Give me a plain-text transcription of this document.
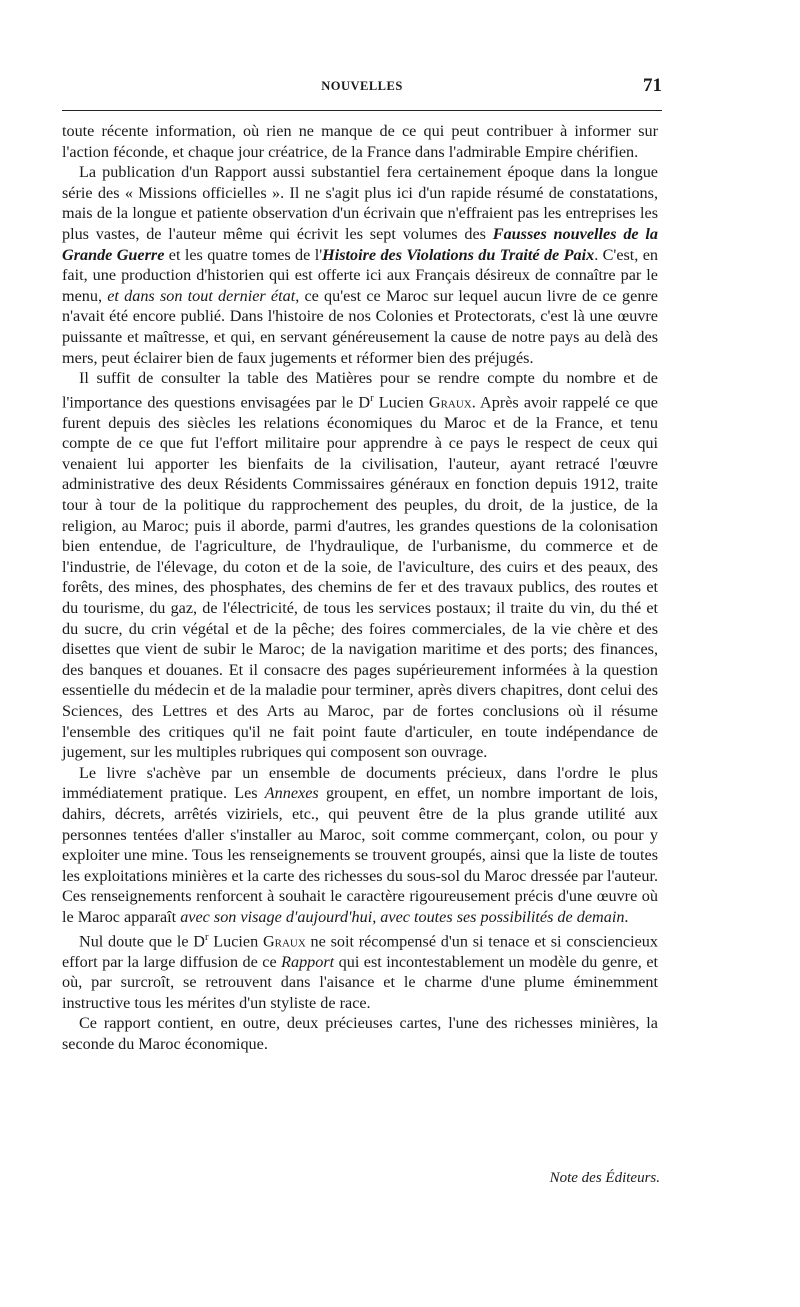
NOUVELLES	71

toute récente information, où rien ne manque de ce qui peut contribuer à informer sur l'action féconde, et chaque jour créatrice, de la France dans l'admirable Empire chérifien.

La publication d'un Rapport aussi substantiel fera certainement époque dans la longue série des « Missions officielles ». Il ne s'agit plus ici d'un rapide résumé de constatations, mais de la longue et patiente observation d'un écrivain que n'effraient pas les entreprises les plus vastes, de l'auteur même qui écrivit les sept volumes des Fausses nouvelles de la Grande Guerre et les quatre tomes de l'Histoire des Violations du Traité de Paix. C'est, en fait, une production d'historien qui est offerte ici aux Français désireux de connaître par le menu, et dans son tout dernier état, ce qu'est ce Maroc sur lequel aucun livre de ce genre n'avait été encore publié. Dans l'histoire de nos Colonies et Protectorats, c'est là une œuvre puissante et maîtresse, et qui, en servant généreusement la cause de notre pays au delà des mers, peut éclairer bien de faux jugements et réformer bien des préjugés.

Il suffit de consulter la table des Matières pour se rendre compte du nombre et de l'importance des questions envisagées par le $D^r$ Lucien Graux. Après avoir rappelé ce que furent depuis des siècles les relations économiques du Maroc et de la France, et tenu compte de ce que fut l'effort militaire pour apprendre à ce pays le respect de ceux qui venaient lui apporter les bienfaits de la civilisation, l'auteur, ayant retracé l'œuvre administrative des deux Résidents Commissaires généraux en fonction depuis 1912, traite tour à tour de la politique du rapprochement des peuples, du droit, de la justice, de la religion, au Maroc; puis il aborde, parmi d'autres, les grandes questions de la colonisation bien entendue, de l'agriculture, de l'hydraulique, de l'urbanisme, du commerce et de l'industrie, de l'élevage, du coton et de la soie, de l'aviculture, des cuirs et des peaux, des forêts, des mines, des phosphates, des chemins de fer et des travaux publics, des routes et du tourisme, du gaz, de l'électricité, de tous les services postaux; il traite du vin, du thé et du sucre, du crin végétal et de la pêche; des foires commerciales, de la vie chère et des disettes que vient de subir le Maroc; de la navigation maritime et des ports; des finances, des banques et douanes. Et il consacre des pages supérieurement informées à la question essentielle du médecin et de la maladie pour terminer, après divers chapitres, dont celui des Sciences, des Lettres et des Arts au Maroc, par de fortes conclusions où il résume l'ensemble des critiques qu'il ne fait point faute d'articuler, en toute indépendance de jugement, sur les multiples rubriques qui composent son ouvrage.

Le livre s'achève par un ensemble de documents précieux, dans l'ordre le plus immédiatement pratique. Les Annexes groupent, en effet, un nombre important de lois, dahirs, décrets, arrêtés viziriels, etc., qui peuvent être de la plus grande utilité aux personnes tentées d'aller s'installer au Maroc, soit comme commerçant, colon, ou pour y exploiter une mine. Tous les renseignements se trouvent groupés, ainsi que la liste de toutes les exploitations minières et la carte des richesses du sous-sol du Maroc dressée par l'auteur. Ces renseignements renforcent à souhait le caractère rigoureusement précis d'une œuvre où le Maroc apparaît avec son visage d'aujourd'hui, avec toutes ses possibilités de demain.

Nul doute que le $D^r$ Lucien Graux ne soit récompensé d'un si tenace et si consciencieux effort par la large diffusion de ce Rapport qui est incontestablement un modèle du genre, et où, par surcroît, se retrouvent dans l'aisance et le charme d'une plume éminemment instructive tous les mérites d'un styliste de race.

Ce rapport contient, en outre, deux précieuses cartes, l'une des richesses minières, la seconde du Maroc économique.

Note des Éditeurs.
